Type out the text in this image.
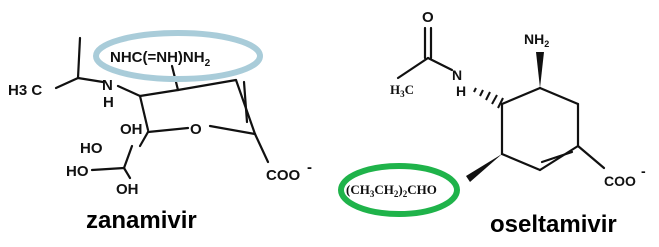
H3 C	N
H
O
HO
OH
HO
OH
COO -
$NHC(=NH)NH_2$
zanamivir
O
$H_3C$
N
H
$NH_2$
COO
-
$(CH_3CH_2)_2CHO$
oseltamivir
